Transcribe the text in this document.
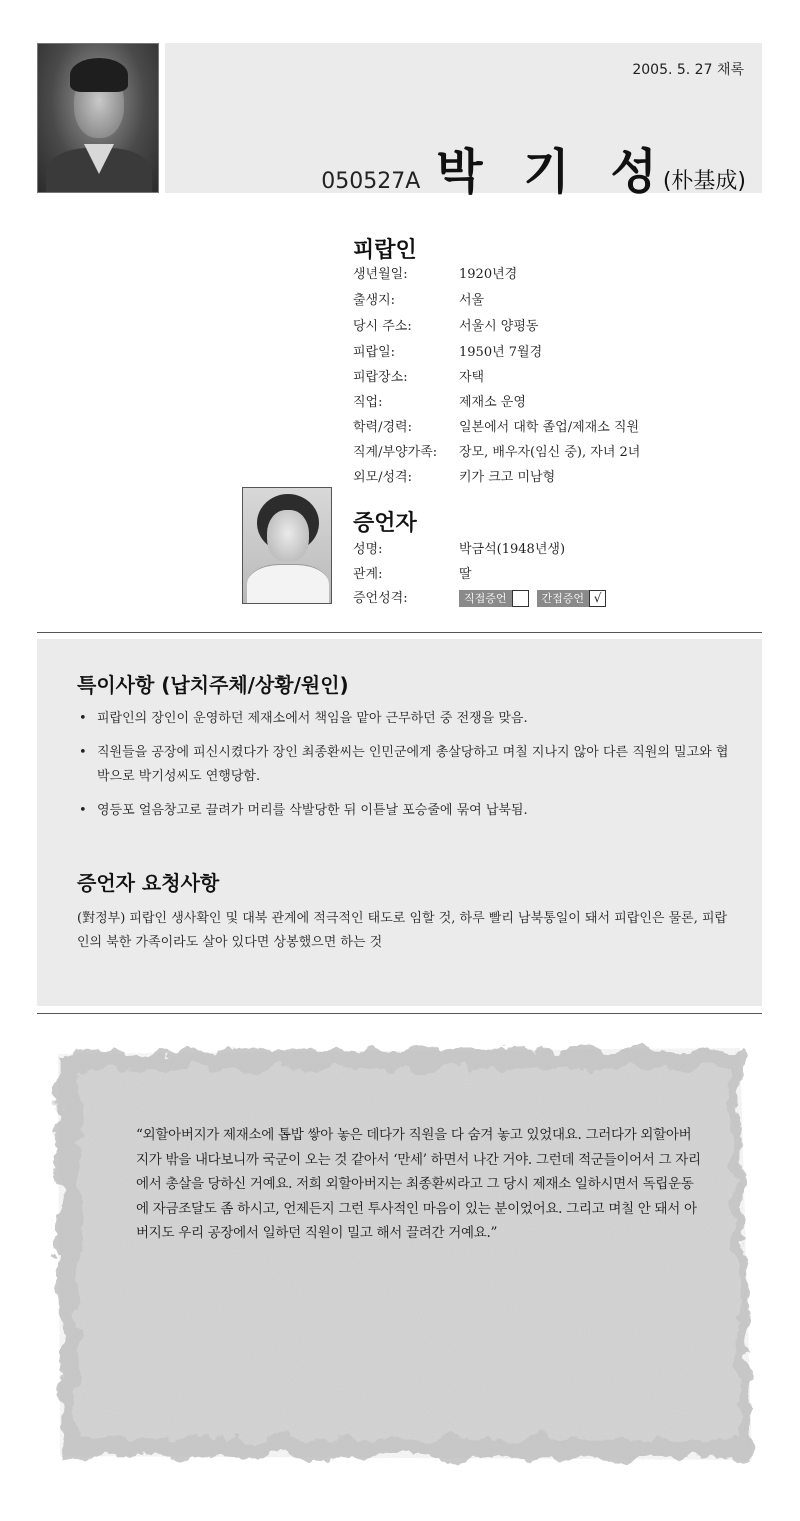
2005. 5. 27 채록
050527A 박 기 성
(朴基成)
피랍인
생년월일:	1920년경
출생지:	서울
당시 주소:	서울시 양평동
피랍일:	1950년 7월경
피랍장소:	자택
직업:	제재소 운영
학력/경력:	일본에서 대학 졸업/제재소 직원
직계/부양가족: 장모, 배우자(임신 중), 자녀 2녀
외모/성격:	키가 크고 미남형
증언자
성명:	박금석(1948년생)
관계:	딸
증언성격:	직접증언	간접증언 √
특이사항 (납치주체/상황/원인)
• 피랍인의 장인이 운영하던 제재소에서 책임을 맡아 근무하던 중 전쟁을 맞음.
• 직원들을 공장에 피신시켰다가 장인 최종환씨는 인민군에게 총살당하고 며칠 지나지 않아 다른 직원의 밀고와 협박으로 박기성씨도 연행당함.
• 영등포 얼음창고로 끌려가 머리를 삭발당한 뒤 이튿날 포승줄에 묶여 납북됨.
증언자 요청사항
(對정부) 피랍인 생사확인 및 대북 관계에 적극적인 태도로 임할 것, 하루 빨리 남북통일이 돼서 피랍인은 물론, 피랍인의 북한 가족이라도 살아 있다면 상봉했으면 하는 것
“외할아버지가 제재소에 톱밥 쌓아 놓은 데다가 직원을 다 숨겨 놓고 있었대요. 그러다가 외할아버지가 밖을 내다보니까 국군이 오는 것 같아서 ‘만세’ 하면서 나간 거야. 그런데 적군들이어서 그 자리에서 총살을 당하신 거예요. 저희 외할아버지는 최종환씨라고 그 당시 제재소 일하시면서 독립운동에 자금조달도 좀 하시고, 언제든지 그런 투사적인 마음이 있는 분이었어요. 그리고 며칠 안 돼서 아버지도 우리 공장에서 일하던 직원이 밀고 해서 끌려간 거예요.”
